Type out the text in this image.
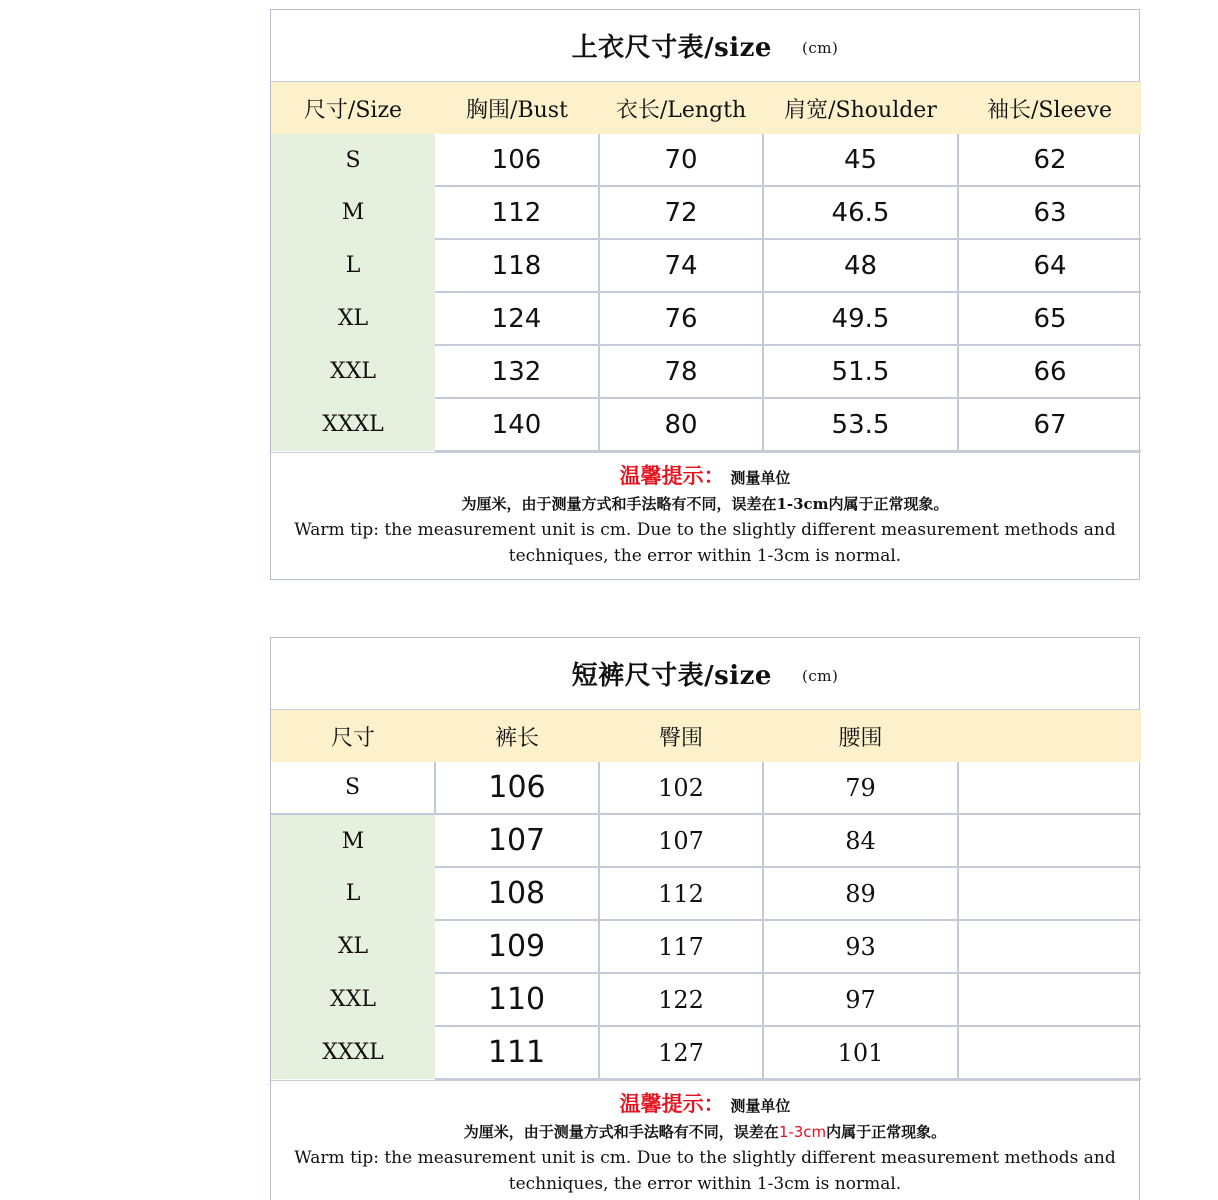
上衣尺寸表/size (cm)
尺寸/Size	胸围/Bust	衣长/Length	肩宽/Shoulder	袖长/Sleeve
S	106	70	45	62
M	112	72	46.5	63
L	118	74	48	64
XL	124	76	49.5	65
XXL	132	78	51.5	66
XXXL	140	80	53.5	67
温馨提示： 测量单位
为厘米，由于测量方式和手法略有不同，误差在1-3cm内属于正常现象。
Warm tip: the measurement unit is cm. Due to the slightly different measurement methods and techniques, the error within 1-3cm is normal.
短裤尺寸表/size (cm)
尺寸	裤长	臀围	腰围	
S	106	102	79	
M	107	107	84	
L	108	112	89	
XL	109	117	93	
XXL	110	122	97	
XXXL	111	127	101	
温馨提示： 测量单位
为厘米，由于测量方式和手法略有不同，误差在1-3cm内属于正常现象。
Warm tip: the measurement unit is cm. Due to the slightly different measurement methods and techniques, the error within 1-3cm is normal.
